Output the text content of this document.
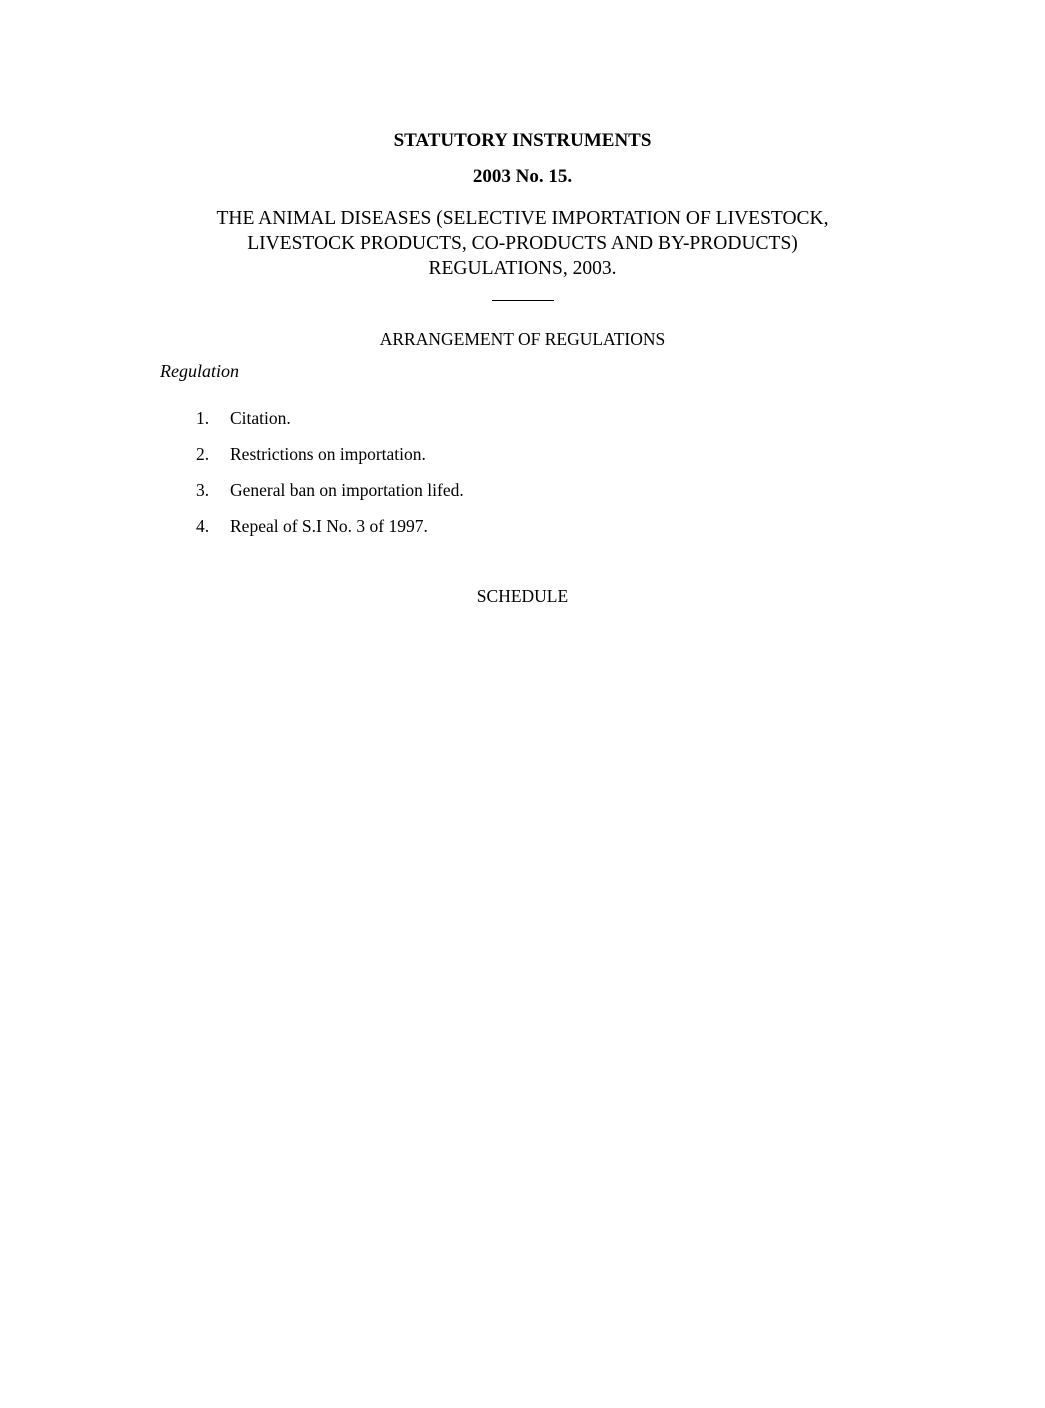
STATUTORY INSTRUMENTS
2003 No. 15.
THE ANIMAL DISEASES (SELECTIVE IMPORTATION OF LIVESTOCK,
LIVESTOCK PRODUCTS, CO-PRODUCTS AND BY-PRODUCTS)
REGULATIONS, 2003.
ARRANGEMENT OF REGULATIONS
Regulation
1. Citation.
2. Restrictions on importation.
3. General ban on importation lifed.
4. Repeal of S.I No. 3 of 1997.
SCHEDULE
